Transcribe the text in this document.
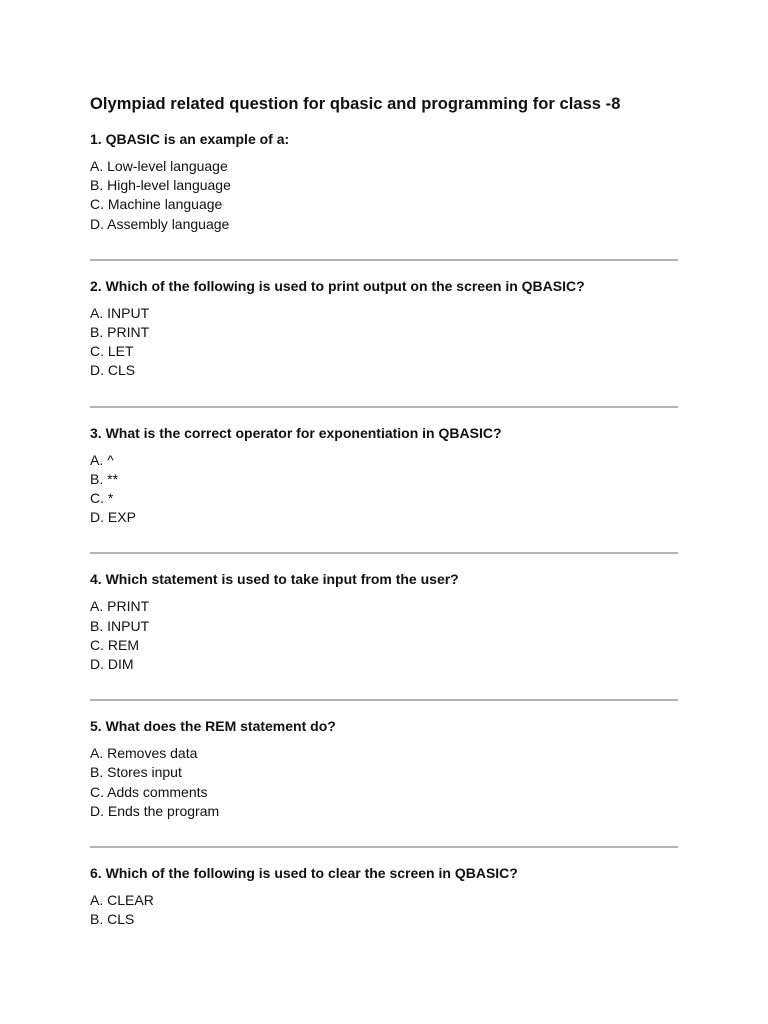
Olympiad related question for qbasic and programming for class -8

1. QBASIC is an example of a:

A. Low-level language
B. High-level language
C. Machine language
D. Assembly language

2. Which of the following is used to print output on the screen in QBASIC?

A. INPUT
B. PRINT
C. LET
D. CLS

3. What is the correct operator for exponentiation in QBASIC?

A. ^
B. **
C. *
D. EXP

4. Which statement is used to take input from the user?

A. PRINT
B. INPUT
C. REM
D. DIM

5. What does the REM statement do?

A. Removes data
B. Stores input
C. Adds comments
D. Ends the program

6. Which of the following is used to clear the screen in QBASIC?

A. CLEAR
B. CLS
